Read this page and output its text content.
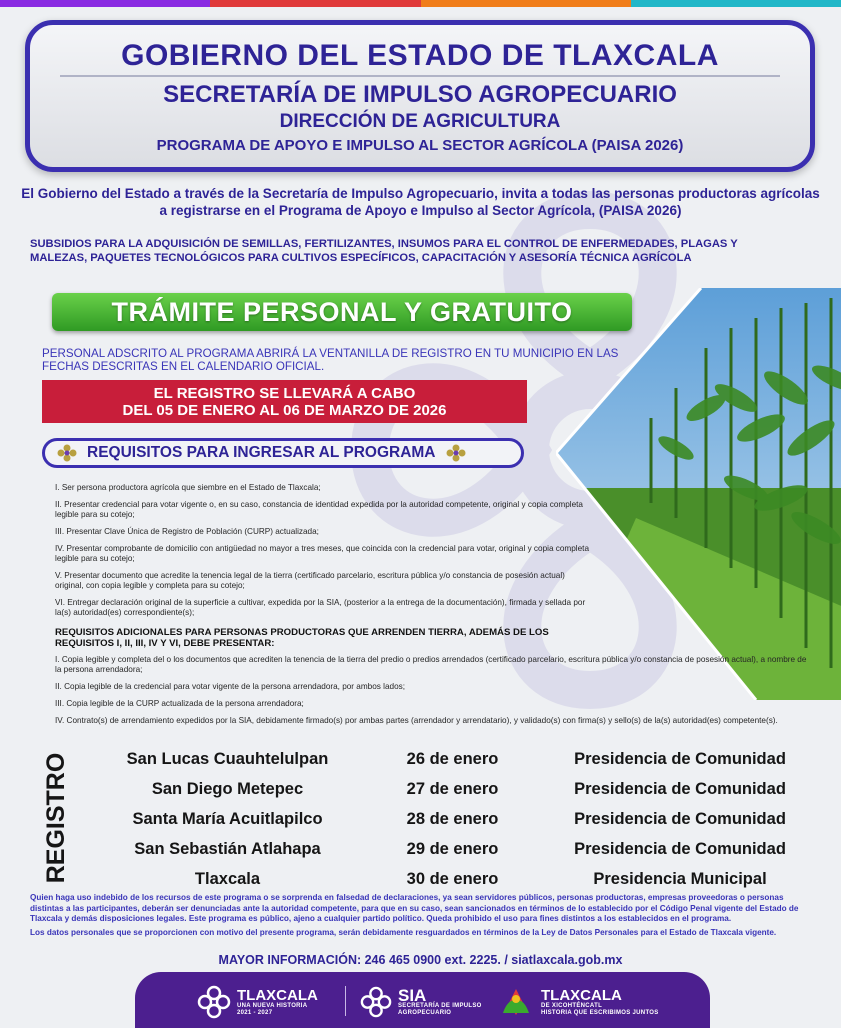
GOBIERNO DEL ESTADO DE TLAXCALA
SECRETARÍA DE IMPULSO AGROPECUARIO
DIRECCIÓN DE AGRICULTURA
PROGRAMA DE APOYO E IMPULSO AL SECTOR AGRÍCOLA (PAISA 2026)
El Gobierno del Estado a través de la Secretaría de Impulso Agropecuario, invita a todas las personas productoras agrícolas a registrarse en el Programa de Apoyo e Impulso al Sector Agrícola, (PAISA 2026)
SUBSIDIOS PARA LA ADQUISICIÓN DE SEMILLAS, FERTILIZANTES, INSUMOS PARA EL CONTROL DE ENFERMEDADES, PLAGAS Y MALEZAS, PAQUETES TECNOLÓGICOS PARA CULTIVOS ESPECÍFICOS, CAPACITACIÓN Y ASESORÍA TÉCNICA AGRÍCOLA
TRÁMITE PERSONAL Y GRATUITO
PERSONAL ADSCRITO AL PROGRAMA ABRIRÁ LA VENTANILLA DE REGISTRO EN TU MUNICIPIO EN LAS FECHAS DESCRITAS EN EL CALENDARIO OFICIAL.
EL REGISTRO SE LLEVARÁ A CABO
DEL 05 DE ENERO AL 06 DE MARZO DE 2026
REQUISITOS PARA INGRESAR AL PROGRAMA

I. Ser persona productora agrícola que siembre en el Estado de Tlaxcala;

II. Presentar credencial para votar vigente o, en su caso, constancia de identidad expedida por la autoridad competente, original y copia completa legible para su cotejo;

III. Presentar Clave Única de Registro de Población (CURP) actualizada;

IV. Presentar comprobante de domicilio con antigüedad no mayor a tres meses, que coincida con la credencial para votar, original y copia completa legible para su cotejo;

V. Presentar documento que acredite la tenencia legal de la tierra (certificado parcelario, escritura pública y/o constancia de posesión actual) original, con copia legible y completa para su cotejo;

VI. Entregar declaración original de la superficie a cultivar, expedida por la SIA, (posterior a la entrega de la documentación), firmada y sellada por la(s) autoridad(es) correspondiente(s);

REQUISITOS ADICIONALES PARA PERSONAS PRODUCTORAS QUE ARRENDEN TIERRA, ADEMÁS DE LOS REQUISITOS I, II, III, IV Y VI, DEBE PRESENTAR:

I. Copia legible y completa del o los documentos que acrediten la tenencia de la tierra del predio o predios arrendados (certificado parcelario, escritura pública y/o constancia de posesión actual), a nombre de la persona arrendadora;

II. Copia legible de la credencial para votar vigente de la persona arrendadora, por ambos lados;

III. Copia legible de la CURP actualizada de la persona arrendadora;

IV. Contrato(s) de arrendamiento expedidos por la SIA, debidamente firmado(s) por ambas partes (arrendador y arrendatario), y validado(s) con firma(s) y sello(s) de la(s) autoridad(es) competente(s).

REGISTRO	San Lucas Cuauhtelulpan	26 de enero	Presidencia de Comunidad
San Diego Metepec	27 de enero	Presidencia de Comunidad
Santa María Acuitlapilco	28 de enero	Presidencia de Comunidad
San Sebastián Atlahapa	29 de enero	Presidencia de Comunidad
Tlaxcala	30 de enero	Presidencia Municipal

Quien haga uso indebido de los recursos de este programa o se sorprenda en falsedad de declaraciones, ya sean servidores públicos, personas productoras, empresas proveedoras o personas distintas a las participantes, deberán ser denunciadas ante la autoridad competente, para que en su caso, sean sancionados en términos de lo establecido por el Código Penal vigente del Estado de Tlaxcala y demás disposiciones legales. Este programa es público, ajeno a cualquier partido político. Queda prohibido el uso para fines distintos a los establecidos en el programa.

Los datos personales que se proporcionen con motivo del presente programa, serán debidamente resguardados en términos de la Ley de Datos Personales para el Estado de Tlaxcala vigente.

MAYOR INFORMACIÓN: 246 465 0900 ext. 2225. / siatlaxcala.gob.mx
TLAXCALA
UNA NUEVA HISTORIA
2021 - 2027
SIA
SECRETARÍA DE IMPULSO
AGROPECUARIO
TLAXCALA
DE XICOHTÉNCATL
HISTORIA QUE ESCRIBIMOS JUNTOS
